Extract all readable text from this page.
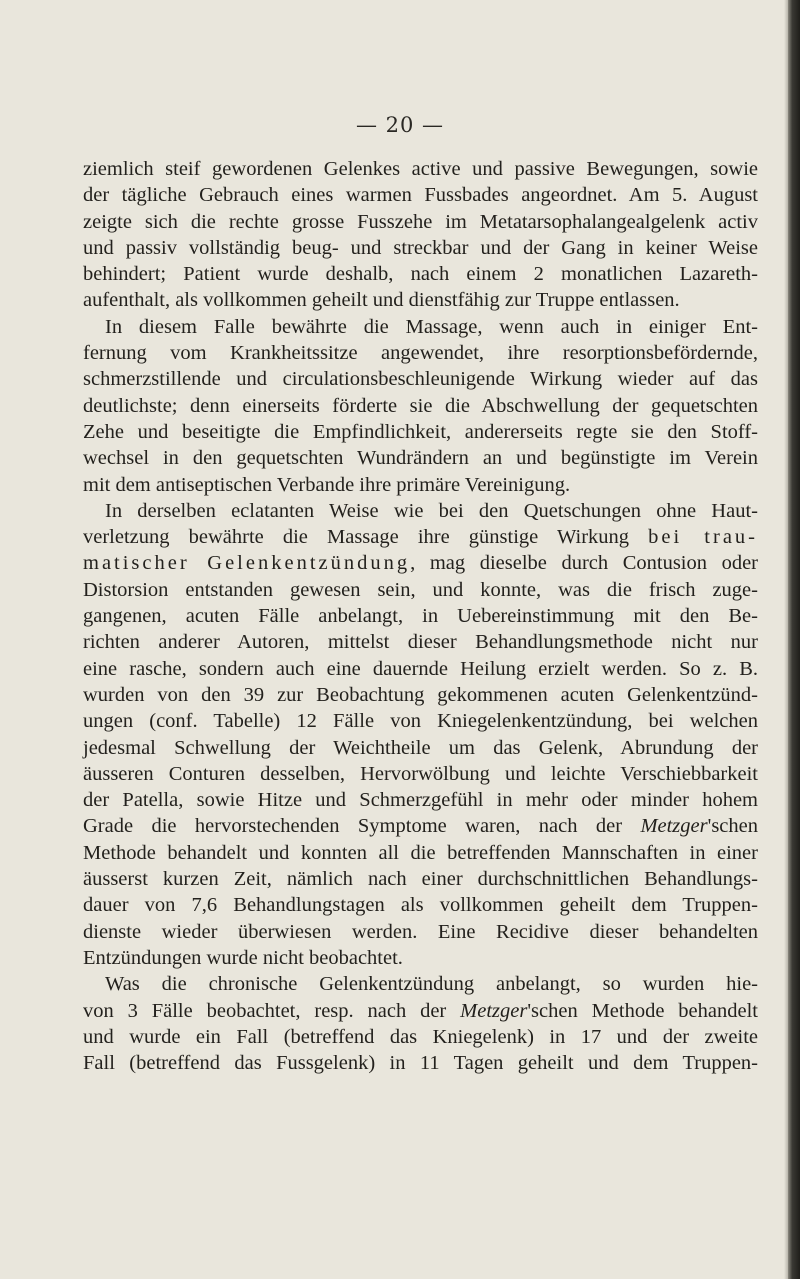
— 20 —
ziemlich steif gewordenen Gelenkes active und passive Bewegungen, sowie
der tägliche Gebrauch eines warmen Fussbades angeordnet. Am 5. August
zeigte sich die rechte grosse Fusszehe im Metatarsophalangealgelenk activ
und passiv vollständig beug- und streckbar und der Gang in keiner Weise
behindert; Patient wurde deshalb, nach einem 2 monatlichen Lazareth-
aufenthalt, als vollkommen geheilt und dienstfähig zur Truppe entlassen.
In diesem Falle bewährte die Massage, wenn auch in einiger Ent-
fernung vom Krankheitssitze angewendet, ihre resorptionsbefördernde,
schmerzstillende und circulationsbeschleunigende Wirkung wieder auf das
deutlichste; denn einerseits förderte sie die Abschwellung der gequetschten
Zehe und beseitigte die Empfindlichkeit, andererseits regte sie den Stoff-
wechsel in den gequetschten Wundrändern an und begünstigte im Verein
mit dem antiseptischen Verbande ihre primäre Vereinigung.
In derselben eclatanten Weise wie bei den Quetschungen ohne Haut-
verletzung bewährte die Massage ihre günstige Wirkung bei trau-
matischer Gelenkentzündung, mag dieselbe durch Contusion oder
Distorsion entstanden gewesen sein, und konnte, was die frisch zuge-
gangenen, acuten Fälle anbelangt, in Uebereinstimmung mit den Be-
richten anderer Autoren, mittelst dieser Behandlungsmethode nicht nur
eine rasche, sondern auch eine dauernde Heilung erzielt werden. So z. B.
wurden von den 39 zur Beobachtung gekommenen acuten Gelenkentzünd-
ungen (conf. Tabelle) 12 Fälle von Kniegelenkentzündung, bei welchen
jedesmal Schwellung der Weichtheile um das Gelenk, Abrundung der
äusseren Conturen desselben, Hervorwölbung und leichte Verschiebbarkeit
der Patella, sowie Hitze und Schmerzgefühl in mehr oder minder hohem
Grade die hervorstechenden Symptome waren, nach der Metzger'schen
Methode behandelt und konnten all die betreffenden Mannschaften in einer
äusserst kurzen Zeit, nämlich nach einer durchschnittlichen Behandlungs-
dauer von 7,6 Behandlungstagen als vollkommen geheilt dem Truppen-
dienste wieder überwiesen werden. Eine Recidive dieser behandelten
Entzündungen wurde nicht beobachtet.
Was die chronische Gelenkentzündung anbelangt, so wurden hie-
von 3 Fälle beobachtet, resp. nach der Metzger'schen Methode behandelt
und wurde ein Fall (betreffend das Kniegelenk) in 17 und der zweite
Fall (betreffend das Fussgelenk) in 11 Tagen geheilt und dem Truppen-
